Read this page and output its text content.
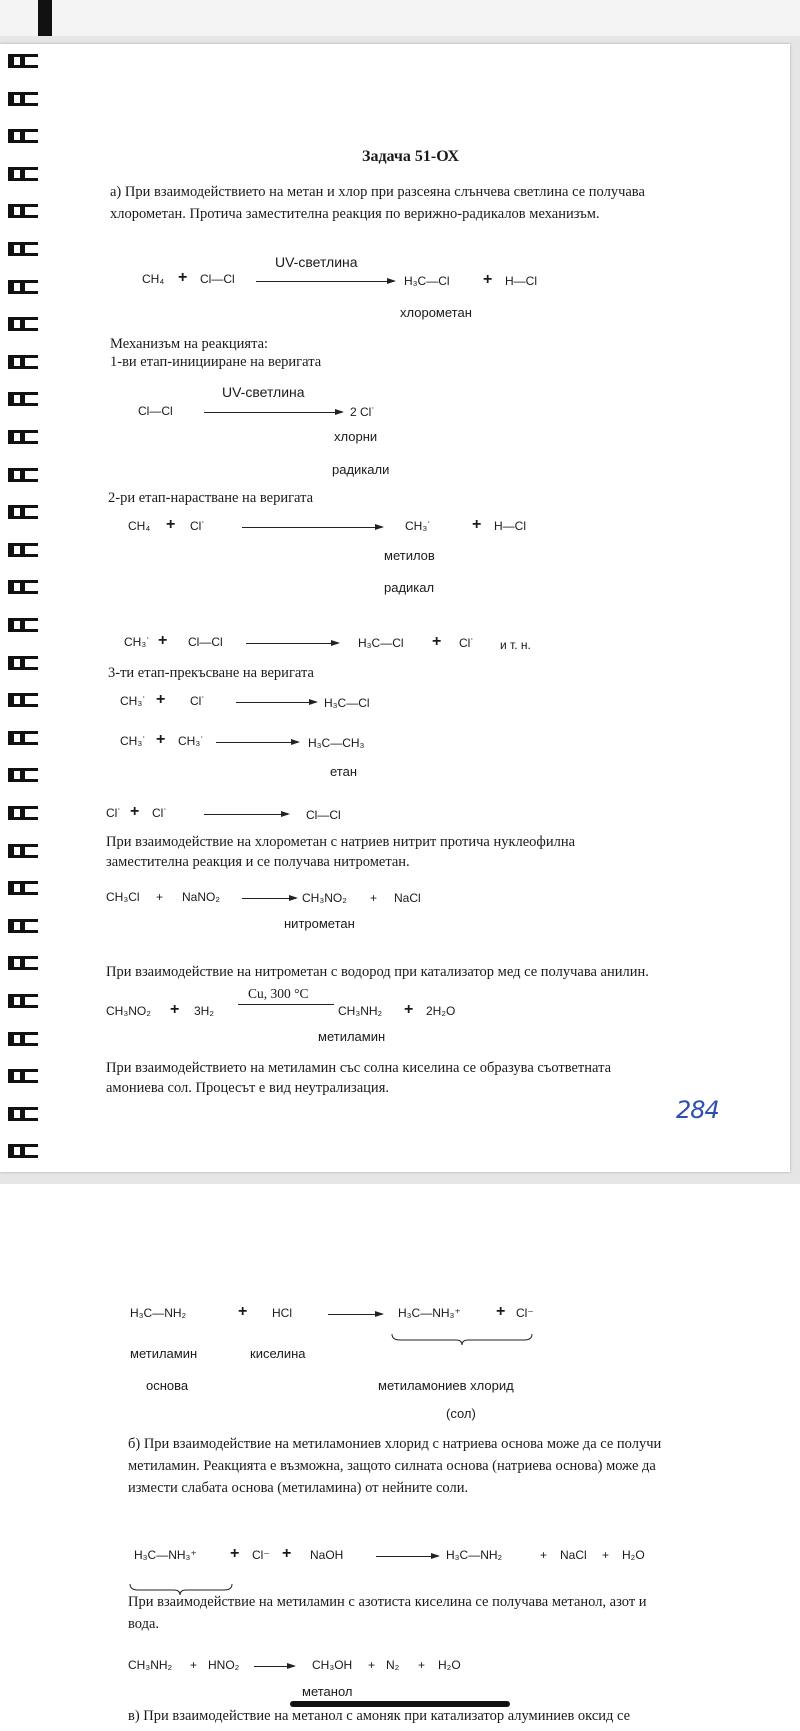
Задача 51-ОХ
а) При взаимодействието на метан и хлор при разсеяна слънчева светлина се получава
хлорометан. Протича заместителна реакция по верижно-радикалов механизъм.
UV-светлина
CH₄ + Cl—Cl	H₃C—Cl + H—Cl
хлорометан
Механизъм на реакцията:
1-ви етап-иницииране на веригата
UV-светлина
Cl—Cl	2 Cl˙
хлорни
радикали
2-ри етап-нарастване на веригата
CH₄ + Cl˙	CH₃˙	+ H—Cl
метилов
радикал
CH₃˙ + Cl—Cl	H₃C—Cl + Cl˙ и т. н.
3-ти етап-прекъсване на веригата
CH₃˙ + Cl˙	H₃C—Cl
CH₃˙ + CH₃˙	H₃C—CH₃
етан
Cl˙ + Cl˙	Cl—Cl
При взаимодействие на хлорометан с натриев нитрит протича нуклеофилна
заместителна реакция и се получава нитрометан.
CH₃Cl + NaNO₂ → CH₃NO₂ + NaCl
нитрометан
При взаимодействие на нитрометан с водород при катализатор мед се получава анилин.
Cu, 300 °C
CH₃NO₂ + 3H₂	CH₃NH₂ + 2H₂O
метиламин
При взаимодействието на метиламин със солна киселина се образува съответната
амониева сол. Процесът е вид неутрализация.
284
H₃C—NH₂	+ HCl → H₃C—NH₃⁺ + Cl⁻
метиламин	киселина
основа	метиламониев хлорид
(сол)
б) При взаимодействие на метиламониев хлорид с натриева основа може да се получи
метиламин. Реакцията е възможна, защото силната основа (натриева основа) може да
измести слабата основа (метиламина) от нейните соли.
H₃C—NH₃⁺ + Cl⁻ + NaOH → H₃C—NH₂	+ NaCl + H₂O
При взаимодействие на метиламин с азотиста киселина се получава метанол, азот и
вода.
CH₃NH₂ + HNO₂ → CH₃OH + N₂ + H₂O
метанол
в) При взаимодействие на метанол с амоняк при катализатор алуминиев оксид се
